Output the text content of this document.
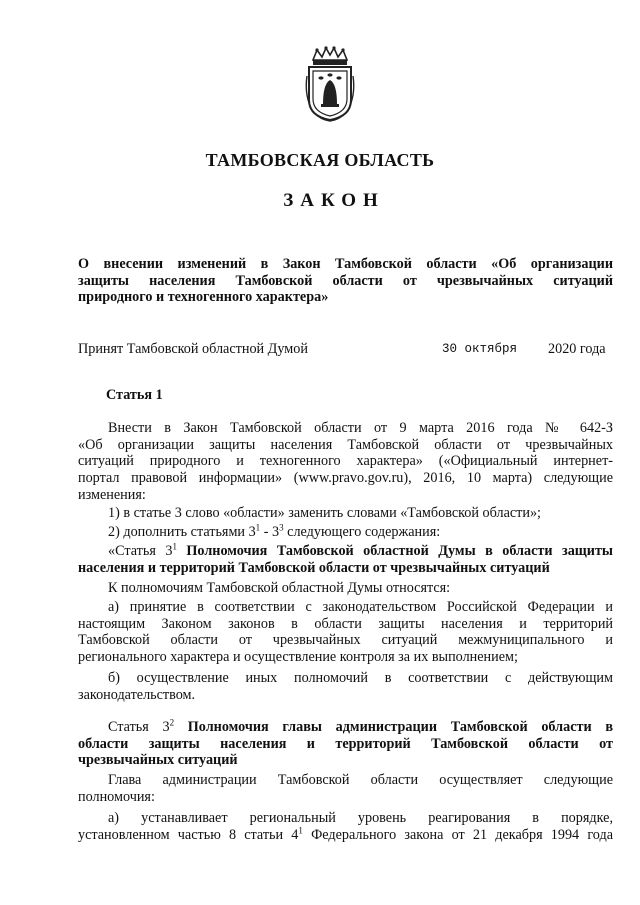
ТАМБОВСКАЯ ОБЛАСТЬ
ЗАКОН
О внесении изменений в Закон Тамбовской области «Об организации
защиты населения Тамбовской области от чрезвычайных ситуаций
природного и техногенного характера»
Принят Тамбовской областной Думой	30 октября 2020 года
Статья 1
Внести в Закон Тамбовской области от 9 марта 2016 года № 642-З
«Об организации защиты населения Тамбовской области от чрезвычайных
ситуаций природного и техногенного характера» («Официальный интернет-
портал правовой информации» (www.pravo.gov.ru), 2016, 10 марта) следующие
изменения:
1) в статье 3 слово «области» заменить словами «Тамбовской области»;
2) дополнить статьями $3^1 - 3^3$ следующего содержания:
«Статья $3^1$ Полномочия Тамбовской областной Думы в области защиты
населения и территорий Тамбовской области от чрезвычайных ситуаций
К полномочиям Тамбовской областной Думы относятся:
а) принятие в соответствии с законодательством Российской Федерации и
настоящим Законом законов в области защиты населения и территорий
Тамбовской области от чрезвычайных ситуаций межмуниципального и
регионального характера и осуществление контроля за их выполнением;
б) осуществление иных полномочий в соответствии с действующим
законодательством.
Статья $3^2$ Полномочия главы администрации Тамбовской области в
области защиты населения и территорий Тамбовской области от
чрезвычайных ситуаций
Глава администрации Тамбовской области осуществляет следующие
полномочия:
а) устанавливает региональный уровень реагирования в порядке,
установленном частью 8 статьи $4^1$ Федерального закона от 21 декабря 1994 года
